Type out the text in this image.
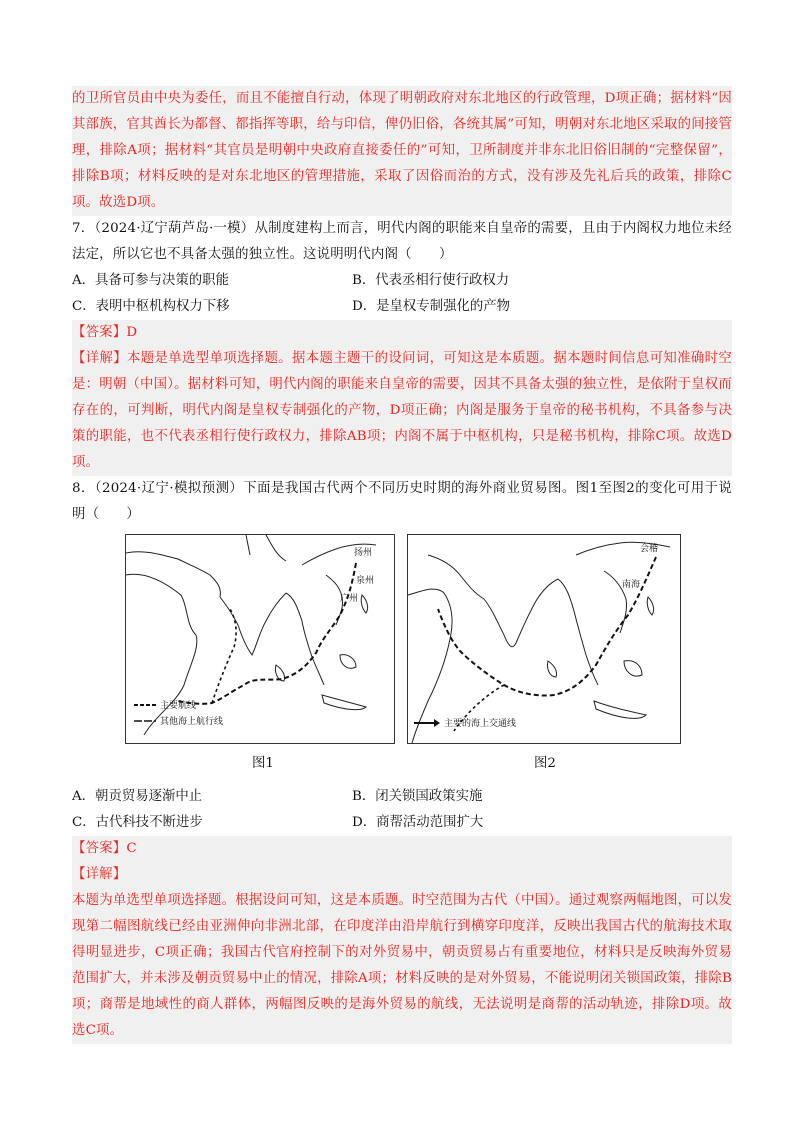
的卫所官员由中央为委任，而且不能擅自行动，体现了明朝政府对东北地区的行政管理，D项正确；据材料“因其部族，官其酋长为都督、都指挥等职，给与印信，俾仍旧俗，各统其属”可知，明朝对东北地区采取的间接管理，排除A项；据材料“其官员是明朝中央政府直接委任的”可知，卫所制度并非东北旧俗旧制的“完整保留”，排除B项；材料反映的是对东北地区的管理措施，采取了因俗而治的方式，没有涉及先礼后兵的政策，排除C项。故选D项。

7．（2024·辽宁葫芦岛·一模）从制度建构上而言，明代内阁的职能来自皇帝的需要，且由于内阁权力地位未经法定，所以它也不具备太强的独立性。这说明明代内阁（　　）

A．具备可参与决策的职能	B．代表丞相行使行政权力
C．表明中枢机构权力下移	D．是皇权专制强化的产物

【答案】D

【详解】本题是单选型单项选择题。据本题主题干的设问词，可知这是本质题。据本题时间信息可知准确时空是：明朝（中国）。据材料可知，明代内阁的职能来自皇帝的需要，因其不具备太强的独立性，是依附于皇权而存在的，可判断，明代内阁是皇权专制强化的产物，D项正确；内阁是服务于皇帝的秘书机构，不具备参与决策的职能，也不代表丞相行使行政权力，排除AB项；内阁不属于中枢机构，只是秘书机构，排除C项。故选D项。

8．（2024·辽宁·模拟预测）下面是我国古代两个不同历史时期的海外商业贸易图。图1至图2的变化可用于说明（　　）

扬州
泉州
广州
主要航线
其他海上航行线
会稽
南海
主要的海上交通线
图1	图2
A．朝贡贸易逐渐中止	B．闭关锁国政策实施
C．古代科技不断进步	D．商帮活动范围扩大

【答案】C

【详解】

本题为单选型单项选择题。根据设问可知，这是本质题。时空范围为古代（中国）。通过观察两幅地图，可以发现第二幅图航线已经由亚洲伸向非洲北部，在印度洋由沿岸航行到横穿印度洋，反映出我国古代的航海技术取得明显进步，C项正确；我国古代官府控制下的对外贸易中，朝贡贸易占有重要地位，材料只是反映海外贸易范围扩大，并未涉及朝贡贸易中止的情况，排除A项；材料反映的是对外贸易，不能说明闭关锁国政策，排除B项；商帮是地域性的商人群体，两幅图反映的是海外贸易的航线，无法说明是商帮的活动轨迹，排除D项。故选C项。
